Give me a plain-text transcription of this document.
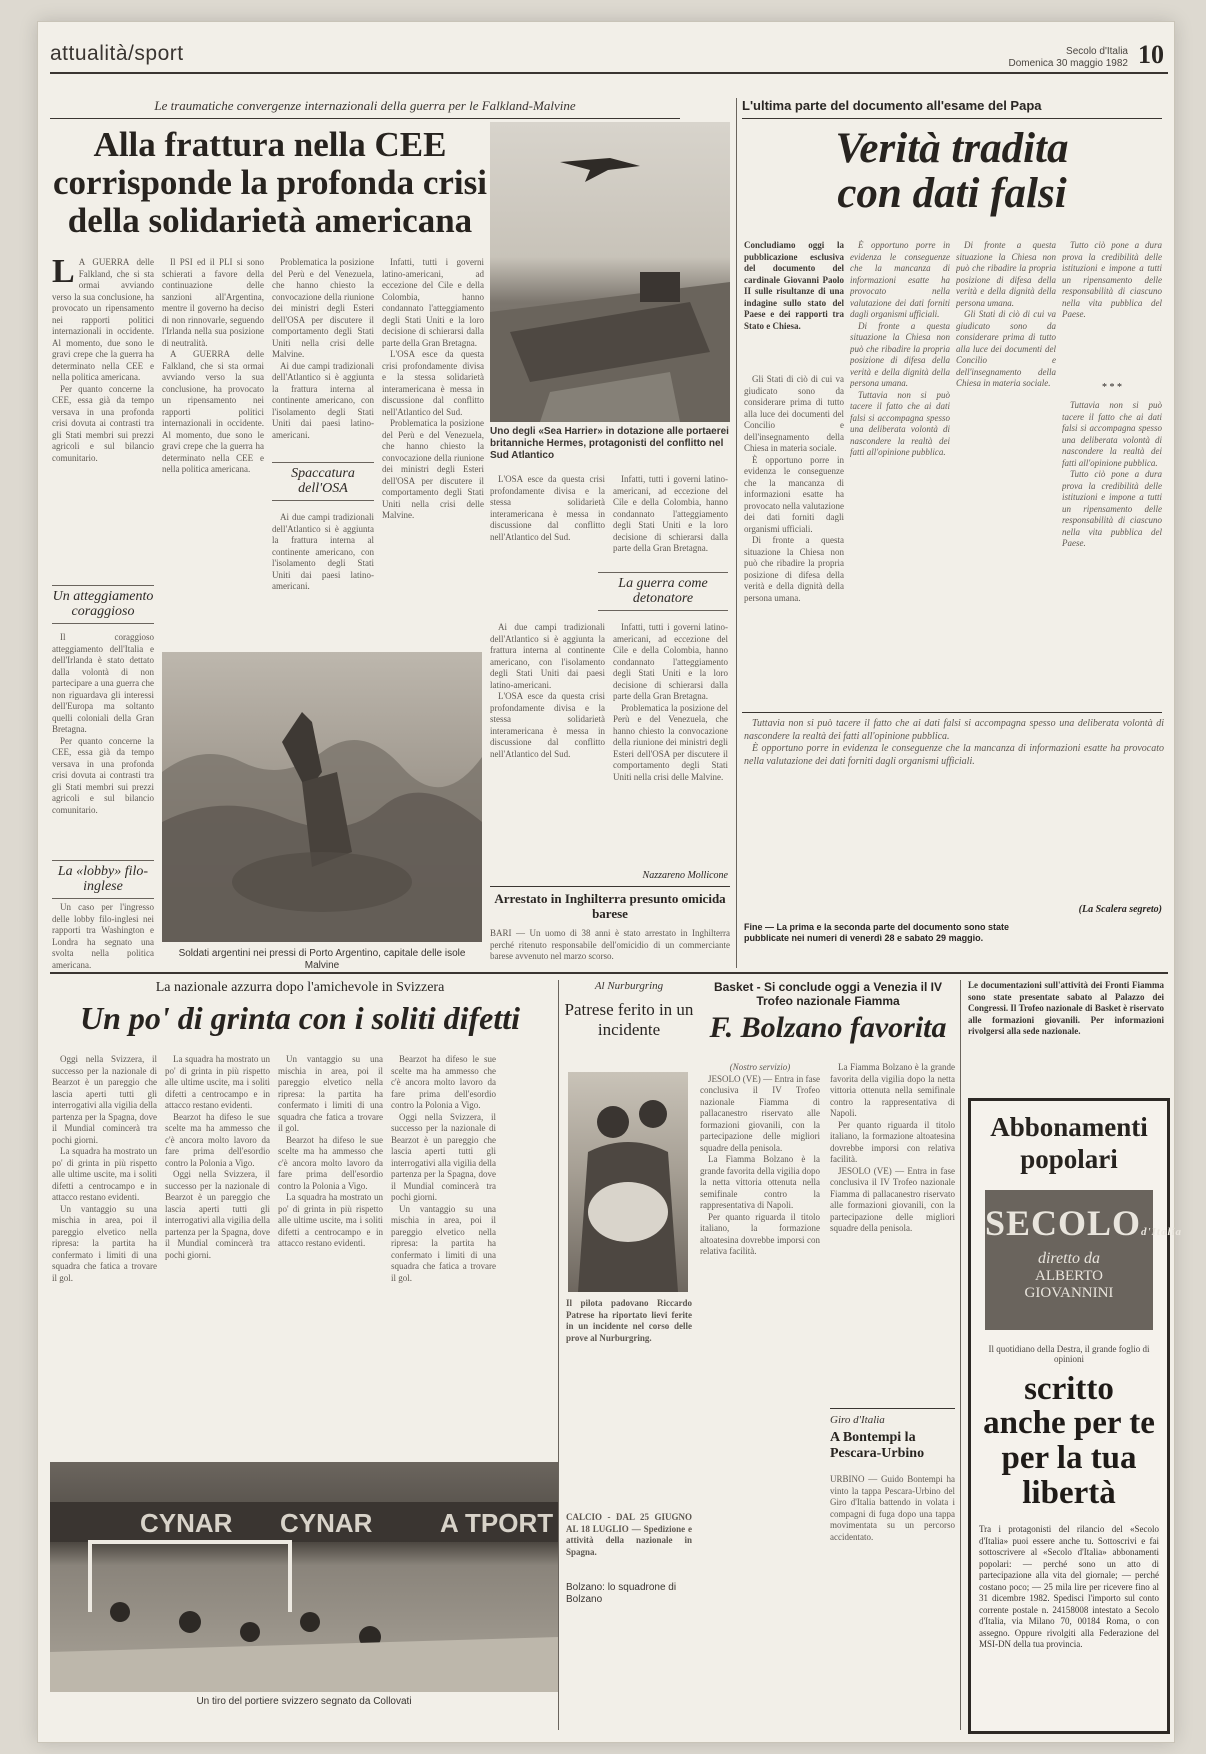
attualità/sport	Secolo d'Italia
Domenica 30 maggio 1982 10
Le traumatiche convergenze internazionali della guerra per le Falkland-Malvine
Alla frattura nella CEE
corrisponde la profonda crisi
della solidarietà americana
L A GUERRA delle Falkland, che si sta ormai avviando verso la sua conclusione, ha provocato un ripensamento nei rapporti politici internazionali in occidente. Al momento, due sono le gravi crepe che la guerra ha determinato nella CEE e nella politica americana.

Per quanto concerne la CEE, essa già da tempo versava in una profonda crisi dovuta ai contrasti tra gli Stati membri sui prezzi agricoli e sul bilancio comunitario.

Il PSI ed il PLI si sono schierati a favore della continuazione delle sanzioni all'Argentina, mentre il governo ha deciso di non rinnovarle, seguendo l'Irlanda nella sua posizione di neutralità.

A GUERRA delle Falkland, che si sta ormai avviando verso la sua conclusione, ha provocato un ripensamento nei rapporti politici internazionali in occidente. Al momento, due sono le gravi crepe che la guerra ha determinato nella CEE e nella politica americana.

Problematica la posizione del Perù e del Venezuela, che hanno chiesto la convocazione della riunione dei ministri degli Esteri dell'OSA per discutere il comportamento degli Stati Uniti nella crisi delle Malvine.

Ai due campi tradizionali dell'Atlantico si è aggiunta la frattura interna al continente americano, con l'isolamento degli Stati Uniti dai paesi latino-americani.

Spaccatura dell'OSA

Ai due campi tradizionali dell'Atlantico si è aggiunta la frattura interna al continente americano, con l'isolamento degli Stati Uniti dai paesi latino-americani.

Infatti, tutti i governi latino-americani, ad eccezione del Cile e della Colombia, hanno condannato l'atteggiamento degli Stati Uniti e la loro decisione di schierarsi dalla parte della Gran Bretagna.

L'OSA esce da questa crisi profondamente divisa e la stessa solidarietà interamericana è messa in discussione dal conflitto nell'Atlantico del Sud.

Problematica la posizione del Perù e del Venezuela, che hanno chiesto la convocazione della riunione dei ministri degli Esteri dell'OSA per discutere il comportamento degli Stati Uniti nella crisi delle Malvine.

Un atteggiamento coraggioso

Il coraggioso atteggiamento dell'Italia e dell'Irlanda è stato dettato dalla volontà di non partecipare a una guerra che non riguardava gli interessi dell'Europa ma soltanto quelli coloniali della Gran Bretagna.

Per quanto concerne la CEE, essa già da tempo versava in una profonda crisi dovuta ai contrasti tra gli Stati membri sui prezzi agricoli e sul bilancio comunitario.

La «lobby» filo-inglese

Un caso per l'ingresso delle lobby filo-inglesi nei rapporti tra Washington e Londra ha segnato una svolta nella politica americana.

Soldati argentini nei pressi di Porto Argentino, capitale delle isole Malvine
Uno degli «Sea Harrier» in dotazione alle portaerei britanniche Hermes, protagonisti del conflitto nel Sud Atlantico

L'OSA esce da questa crisi profondamente divisa e la stessa solidarietà interamericana è messa in discussione dal conflitto nell'Atlantico del Sud.

Infatti, tutti i governi latino-americani, ad eccezione del Cile e della Colombia, hanno condannato l'atteggiamento degli Stati Uniti e la loro decisione di schierarsi dalla parte della Gran Bretagna.

La guerra come detonatore

Ai due campi tradizionali dell'Atlantico si è aggiunta la frattura interna al continente americano, con l'isolamento degli Stati Uniti dai paesi latino-americani.

L'OSA esce da questa crisi profondamente divisa e la stessa solidarietà interamericana è messa in discussione dal conflitto nell'Atlantico del Sud.

Infatti, tutti i governi latino-americani, ad eccezione del Cile e della Colombia, hanno condannato l'atteggiamento degli Stati Uniti e la loro decisione di schierarsi dalla parte della Gran Bretagna.

Problematica la posizione del Perù e del Venezuela, che hanno chiesto la convocazione della riunione dei ministri degli Esteri dell'OSA per discutere il comportamento degli Stati Uniti nella crisi delle Malvine.

Nazzareno Mollicone
Arrestato in Inghilterra presunto omicida barese
BARI — Un uomo di 38 anni è stato arrestato in Inghilterra perché ritenuto responsabile dell'omicidio di un commerciante barese avvenuto nel marzo scorso.
L'ultima parte del documento all'esame del Papa
Verità tradita
con dati falsi
Concludiamo oggi la pubblicazione esclusiva del documento del cardinale Giovanni Paolo II sulle risultanze di una indagine sullo stato del Paese e dei rapporti tra Stato e Chiesa.

Gli Stati di ciò di cui va giudicato sono da considerare prima di tutto alla luce dei documenti del Concilio e dell'insegnamento della Chiesa in materia sociale.

È opportuno porre in evidenza le conseguenze che la mancanza di informazioni esatte ha provocato nella valutazione dei dati forniti dagli organismi ufficiali.

Di fronte a questa situazione la Chiesa non può che ribadire la propria posizione di difesa della verità e della dignità della persona umana.

È opportuno porre in evidenza le conseguenze che la mancanza di informazioni esatte ha provocato nella valutazione dei dati forniti dagli organismi ufficiali.

Di fronte a questa situazione la Chiesa non può che ribadire la propria posizione di difesa della verità e della dignità della persona umana.

Tuttavia non si può tacere il fatto che ai dati falsi si accompagna spesso una deliberata volontà di nascondere la realtà dei fatti all'opinione pubblica.

Di fronte a questa situazione la Chiesa non può che ribadire la propria posizione di difesa della verità e della dignità della persona umana.

Gli Stati di ciò di cui va giudicato sono da considerare prima di tutto alla luce dei documenti del Concilio e dell'insegnamento della Chiesa in materia sociale.

Tutto ciò pone a dura prova la credibilità delle istituzioni e impone a tutti un ripensamento delle responsabilità di ciascuno nella vita pubblica del Paese.

* * *

Tuttavia non si può tacere il fatto che ai dati falsi si accompagna spesso una deliberata volontà di nascondere la realtà dei fatti all'opinione pubblica.

Tutto ciò pone a dura prova la credibilità delle istituzioni e impone a tutti un ripensamento delle responsabilità di ciascuno nella vita pubblica del Paese.

Tuttavia non si può tacere il fatto che ai dati falsi si accompagna spesso una deliberata volontà di nascondere la realtà dei fatti all'opinione pubblica.

È opportuno porre in evidenza le conseguenze che la mancanza di informazioni esatte ha provocato nella valutazione dei dati forniti dagli organismi ufficiali.

(La Scalera segreto)
Fine — La prima e la seconda parte del documento sono state pubblicate nei numeri di venerdì 28 e sabato 29 maggio.
La nazionale azzurra dopo l'amichevole in Svizzera
Un po' di grinta con i soliti difetti

Oggi nella Svizzera, il successo per la nazionale di Bearzot è un pareggio che lascia aperti tutti gli interrogativi alla vigilia della partenza per la Spagna, dove il Mundial comincerà tra pochi giorni.

La squadra ha mostrato un po' di grinta in più rispetto alle ultime uscite, ma i soliti difetti a centrocampo e in attacco restano evidenti.

Un vantaggio su una mischia in area, poi il pareggio elvetico nella ripresa: la partita ha confermato i limiti di una squadra che fatica a trovare il gol.

La squadra ha mostrato un po' di grinta in più rispetto alle ultime uscite, ma i soliti difetti a centrocampo e in attacco restano evidenti.

Bearzot ha difeso le sue scelte ma ha ammesso che c'è ancora molto lavoro da fare prima dell'esordio contro la Polonia a Vigo.

Oggi nella Svizzera, il successo per la nazionale di Bearzot è un pareggio che lascia aperti tutti gli interrogativi alla vigilia della partenza per la Spagna, dove il Mundial comincerà tra pochi giorni.

Un vantaggio su una mischia in area, poi il pareggio elvetico nella ripresa: la partita ha confermato i limiti di una squadra che fatica a trovare il gol.

Bearzot ha difeso le sue scelte ma ha ammesso che c'è ancora molto lavoro da fare prima dell'esordio contro la Polonia a Vigo.

La squadra ha mostrato un po' di grinta in più rispetto alle ultime uscite, ma i soliti difetti a centrocampo e in attacco restano evidenti.

Bearzot ha difeso le sue scelte ma ha ammesso che c'è ancora molto lavoro da fare prima dell'esordio contro la Polonia a Vigo.

Oggi nella Svizzera, il successo per la nazionale di Bearzot è un pareggio che lascia aperti tutti gli interrogativi alla vigilia della partenza per la Spagna, dove il Mundial comincerà tra pochi giorni.

Un vantaggio su una mischia in area, poi il pareggio elvetico nella ripresa: la partita ha confermato i limiti di una squadra che fatica a trovare il gol.

CYNAR CYNAR	A TPORT
Un tiro del portiere svizzero segnato da Collovati
Al Nurburgring
Patrese ferito in un incidente
Il pilota padovano Riccardo Patrese ha riportato lievi ferite in un incidente nel corso delle prove al Nurburgring.
CALCIO - DAL 25 GIUGNO AL 18 LUGLIO — Spedizione e attività della nazionale in Spagna.
Bolzano: lo squadrone di Bolzano
Basket - Si conclude oggi a Venezia il IV Trofeo nazionale Fiamma
F. Bolzano favorita
(Nostro servizio)

JESOLO (VE) — Entra in fase conclusiva il IV Trofeo nazionale Fiamma di pallacanestro riservato alle formazioni giovanili, con la partecipazione delle migliori squadre della penisola.

La Fiamma Bolzano è la grande favorita della vigilia dopo la netta vittoria ottenuta nella semifinale contro la rappresentativa di Napoli.

Per quanto riguarda il titolo italiano, la formazione altoatesina dovrebbe imporsi con relativa facilità.

La Fiamma Bolzano è la grande favorita della vigilia dopo la netta vittoria ottenuta nella semifinale contro la rappresentativa di Napoli.

Per quanto riguarda il titolo italiano, la formazione altoatesina dovrebbe imporsi con relativa facilità.

JESOLO (VE) — Entra in fase conclusiva il IV Trofeo nazionale Fiamma di pallacanestro riservato alle formazioni giovanili, con la partecipazione delle migliori squadre della penisola.

Giro d'Italia
A Bontempi la Pescara-Urbino
URBINO — Guido Bontempi ha vinto la tappa Pescara-Urbino del Giro d'Italia battendo in volata i compagni di fuga dopo una tappa movimentata su un percorso accidentato.
Le documentazioni sull'attività dei Fronti Fiamma sono state presentate sabato al Palazzo dei Congressi. Il Trofeo nazionale di Basket è riservato alle formazioni giovanili. Per informazioni rivolgersi alla sede nazionale.
Abbonamenti popolari
SECOLOd'Italia
diretto da
ALBERTO
GIOVANNINI
Il quotidiano della Destra, il grande foglio di opinioni
scritto anche per te per la tua libertà
Tra i protagonisti del rilancio del «Secolo d'Italia» puoi essere anche tu. Sottoscrivi e fai sottoscrivere al «Secolo d'Italia» abbonamenti popolari: — perché sono un atto di partecipazione alla vita del giornale; — perché costano poco; — 25 mila lire per ricevere fino al 31 dicembre 1982. Spedisci l'importo sul conto corrente postale n. 24158008 intestato a Secolo d'Italia, via Milano 70, 00184 Roma, o con assegno. Oppure rivolgiti alla Federazione del MSI-DN della tua provincia.
